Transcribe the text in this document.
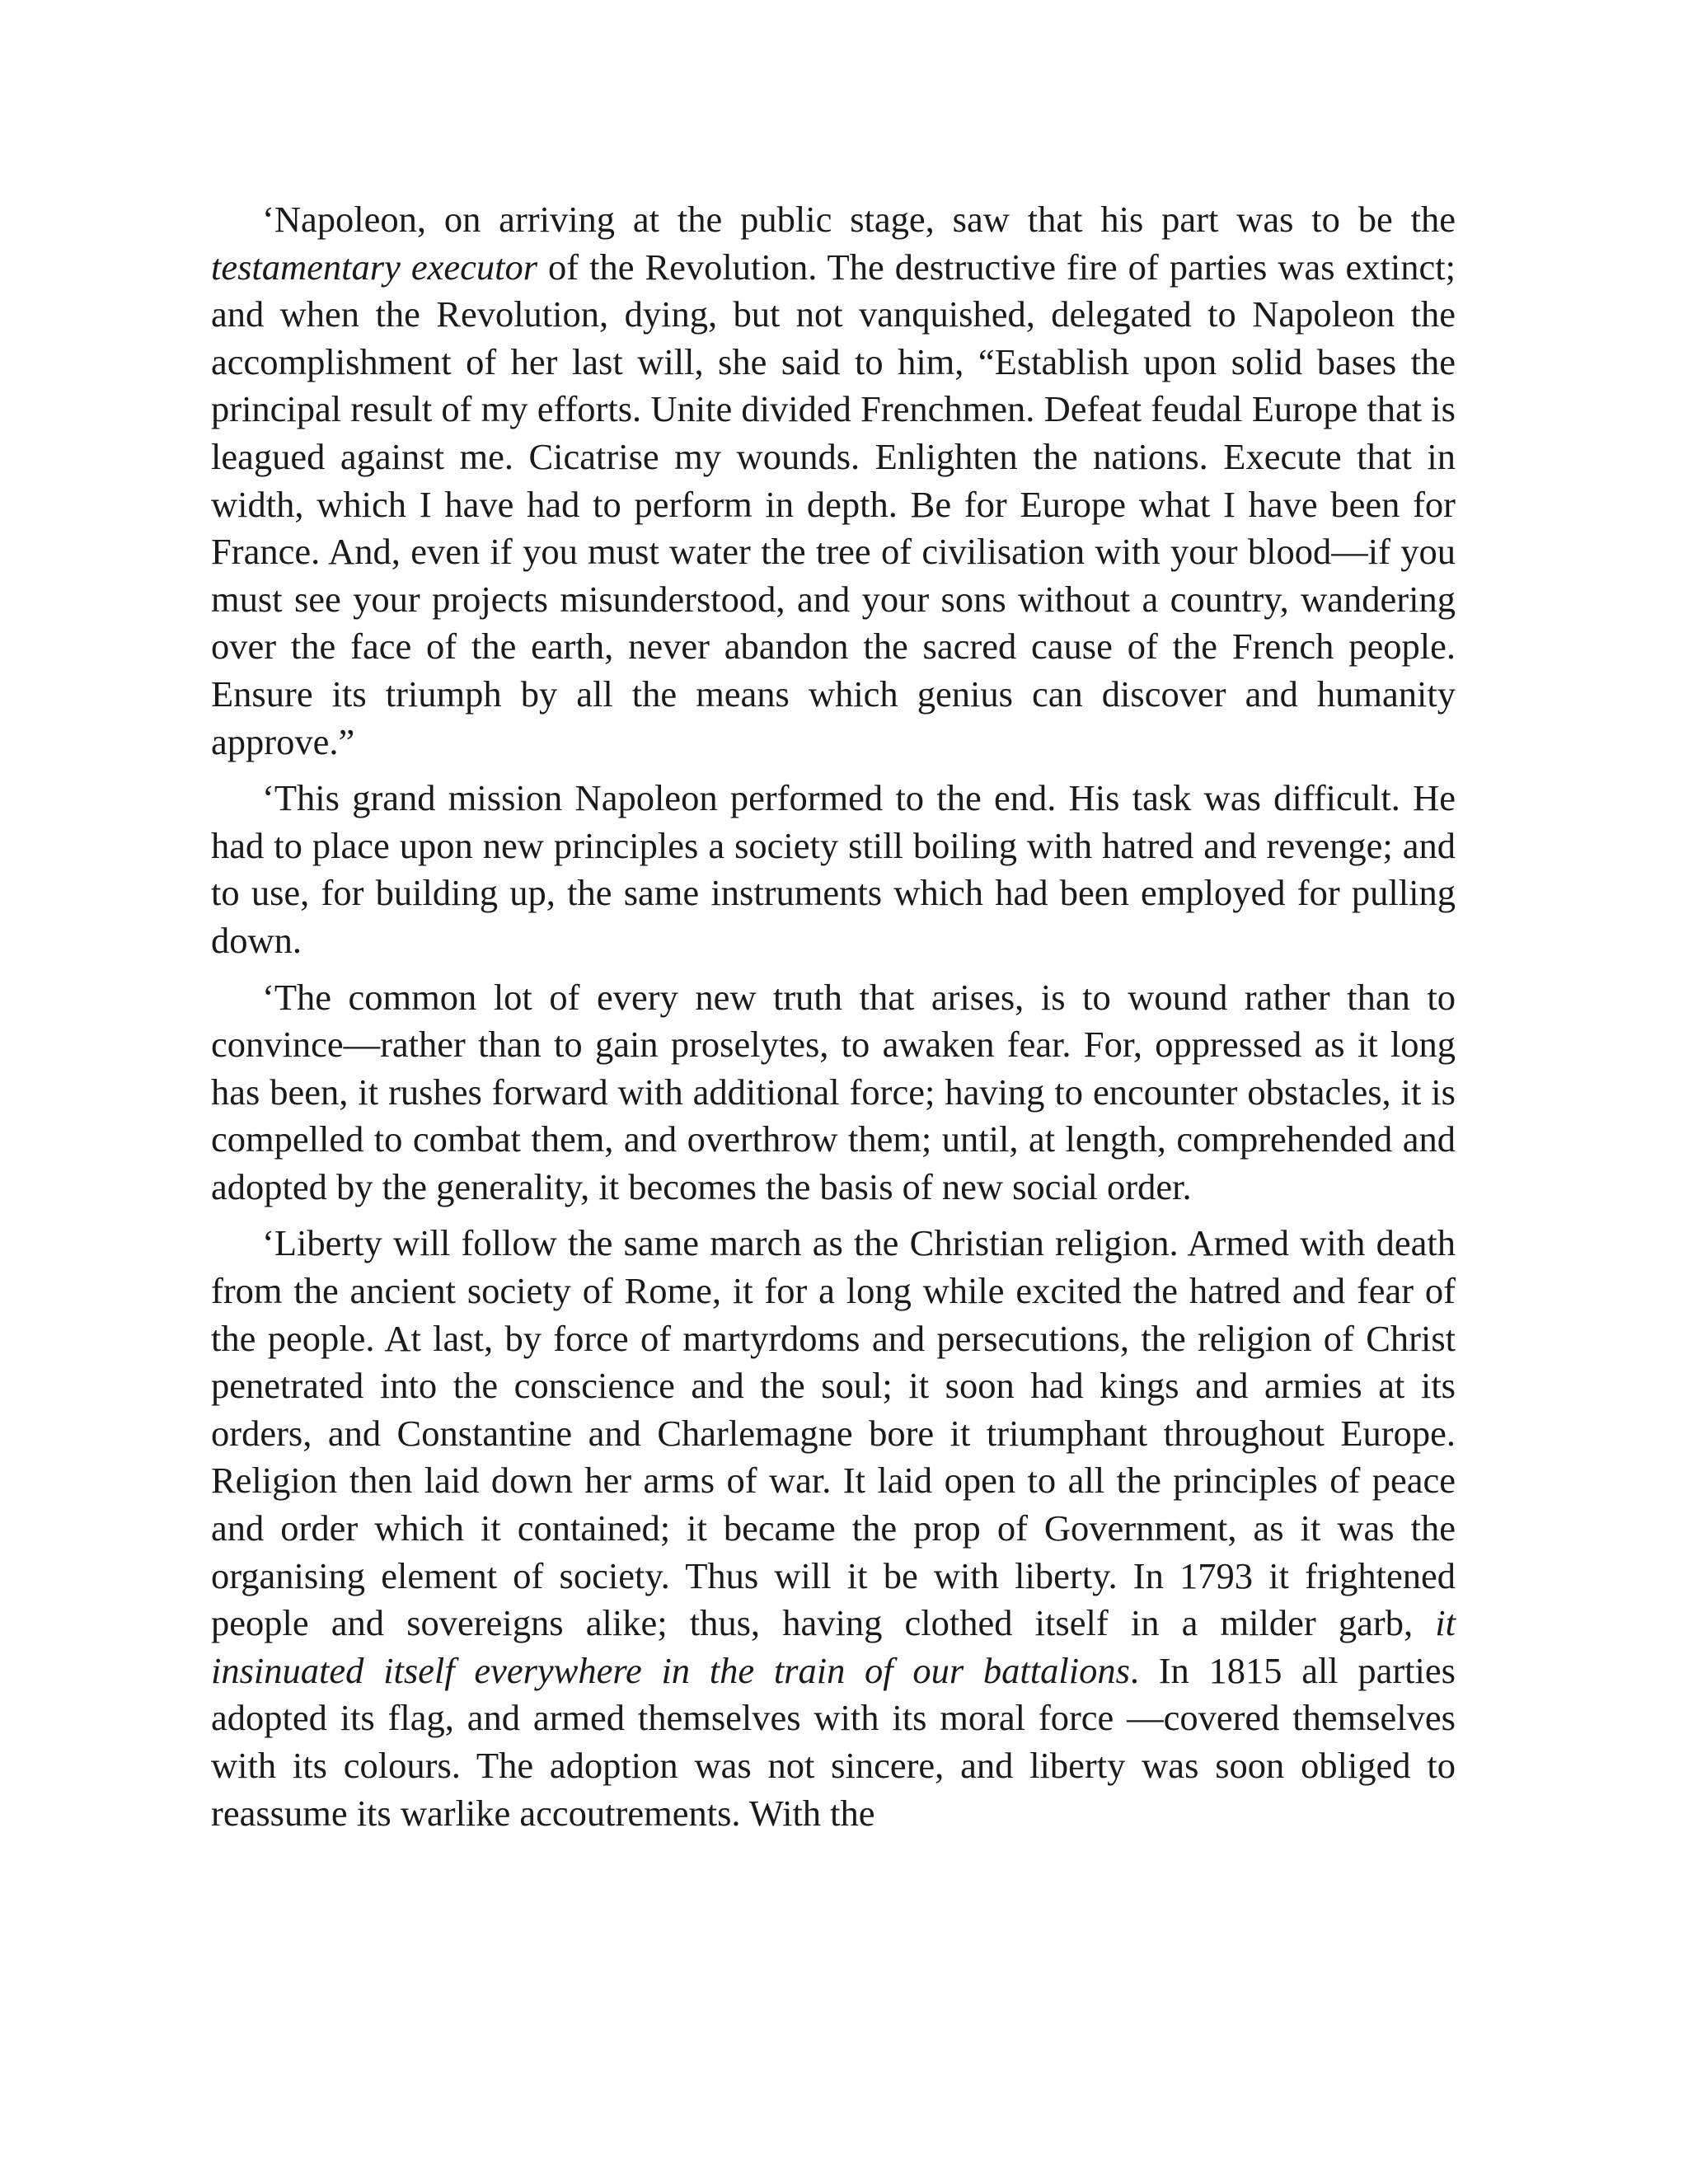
‘Napoleon, on arriving at the public stage, saw that his part was to be the testamentary executor of the Revolution. The destructive fire of parties was extinct; and when the Revolution, dying, but not vanquished, delegated to Napoleon the accomplishment of her last will, she said to him, “Establish upon solid bases the principal result of my efforts. Unite divided Frenchmen. Defeat feudal Europe that is leagued against me. Cicatrise my wounds. Enlighten the nations. Execute that in width, which I have had to perform in depth. Be for Europe what I have been for France. And, even if you must water the tree of civilisation with your blood—if you must see your projects misunderstood, and your sons without a country, wandering over the face of the earth, never abandon the sacred cause of the French people. Ensure its triumph by all the means which genius can discover and humanity approve.”

‘This grand mission Napoleon performed to the end. His task was difficult. He had to place upon new principles a society still boiling with hatred and revenge; and to use, for building up, the same instruments which had been employed for pulling down.

‘The common lot of every new truth that arises, is to wound rather than to convince—rather than to gain proselytes, to awaken fear. For, oppressed as it long has been, it rushes forward with additional force; having to encounter obstacles, it is compelled to combat them, and overthrow them; until, at length, comprehended and adopted by the generality, it becomes the basis of new social order.

‘Liberty will follow the same march as the Christian religion. Armed with death from the ancient society of Rome, it for a long while excited the hatred and fear of the people. At last, by force of martyrdoms and persecutions, the religion of Christ penetrated into the conscience and the soul; it soon had kings and armies at its orders, and Constantine and Charlemagne bore it triumphant throughout Europe. Religion then laid down her arms of war. It laid open to all the principles of peace and order which it contained; it became the prop of Government, as it was the organising element of society. Thus will it be with liberty. In 1793 it frightened people and sovereigns alike; thus, having clothed itself in a milder garb, it insinuated itself everywhere in the train of our battalions. In 1815 all parties adopted its flag, and armed themselves with its moral force —covered themselves with its colours. The adoption was not sincere, and liberty was soon obliged to reassume its warlike accoutrements. With the
